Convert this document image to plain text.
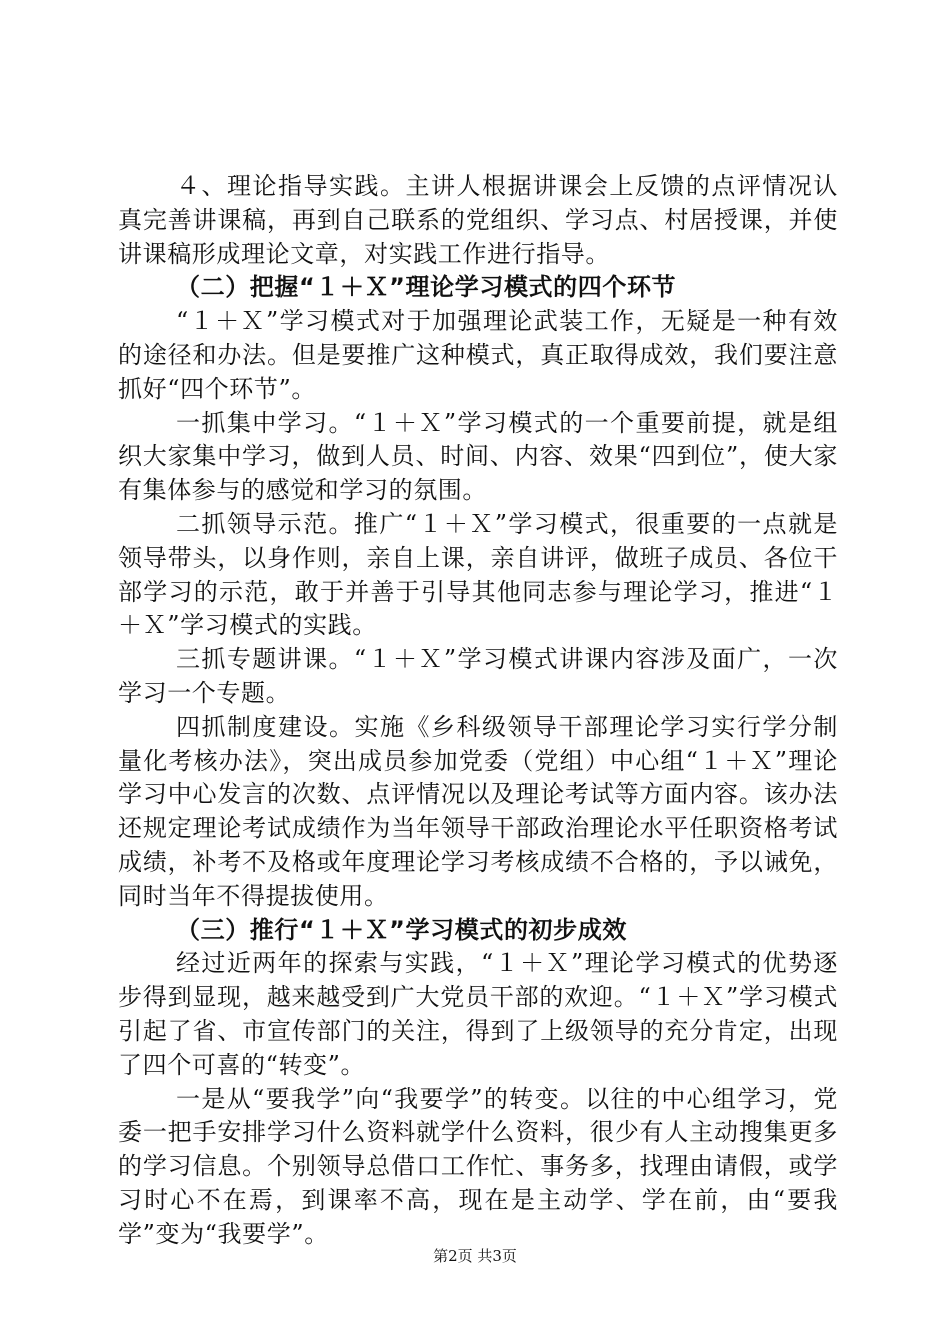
４、理论指导实践。主讲人根据讲课会上反馈的点评情况认真完善讲课稿，再到自己联系的党组织、学习点、村居授课，并使讲课稿形成理论文章，对实践工作进行指导。

（二）把握“１＋Ｘ”理论学习模式的四个环节

“１＋Ｘ”学习模式对于加强理论武装工作，无疑是一种有效的途径和办法。但是要推广这种模式，真正取得成效，我们要注意抓好“四个环节”。

一抓集中学习。“１＋Ｘ”学习模式的一个重要前提，就是组织大家集中学习，做到人员、时间、内容、效果“四到位”，使大家有集体参与的感觉和学习的氛围。

二抓领导示范。推广“１＋Ｘ”学习模式，很重要的一点就是领导带头，以身作则，亲自上课，亲自讲评，做班子成员、各位干部学习的示范，敢于并善于引导其他同志参与理论学习，推进“１＋Ｘ”学习模式的实践。

三抓专题讲课。“１＋Ｘ”学习模式讲课内容涉及面广，一次学习一个专题。

四抓制度建设。实施《乡科级领导干部理论学习实行学分制量化考核办法》，突出成员参加党委（党组）中心组“１＋Ｘ”理论学习中心发言的次数、点评情况以及理论考试等方面内容。该办法还规定理论考试成绩作为当年领导干部政治理论水平任职资格考试成绩，补考不及格或年度理论学习考核成绩不合格的，予以诫免，同时当年不得提拔使用。

（三）推行“１＋Ｘ”学习模式的初步成效

经过近两年的探索与实践，“１＋Ｘ”理论学习模式的优势逐步得到显现，越来越受到广大党员干部的欢迎。“１＋Ｘ”学习模式引起了省、市宣传部门的关注，得到了上级领导的充分肯定，出现了四个可喜的“转变”。

一是从“要我学”向“我要学”的转变。以往的中心组学习，党委一把手安排学习什么资料就学什么资料，很少有人主动搜集更多的学习信息。个别领导总借口工作忙、事务多，找理由请假，或学习时心不在焉，到课率不高，现在是主动学、学在前，由“要我学”变为“我要学”。

第2页 共3页
